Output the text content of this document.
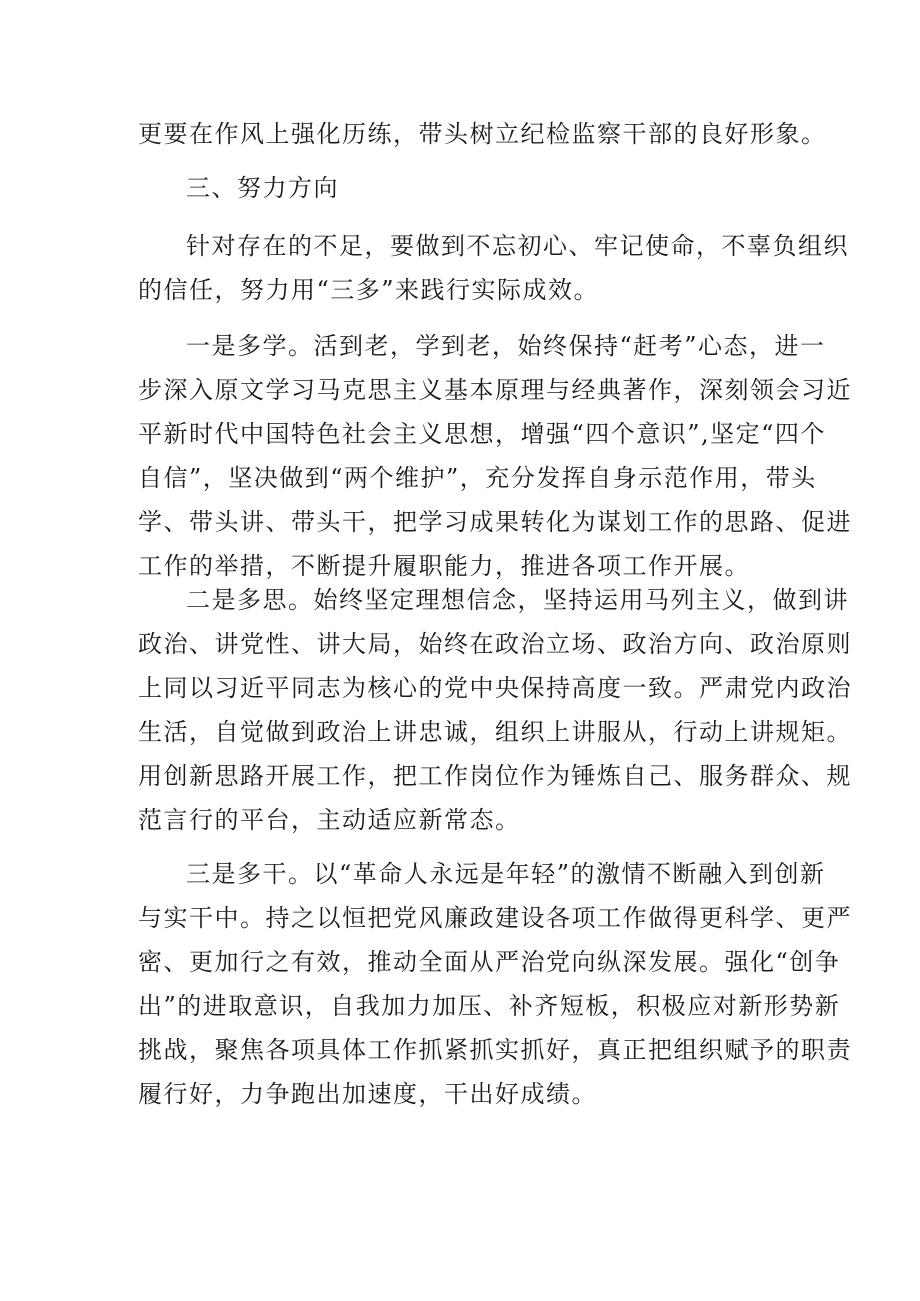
更要在作风上强化历练，带头树立纪检监察干部的良好形象。
三、努力方向
针对存在的不足，要做到不忘初心、牢记使命，不辜负组织
的信任，努力用“三多”来践行实际成效。
一是多学。活到老，学到老，始终保持“赶考”心态，进一
步深入原文学习马克思主义基本原理与经典著作，深刻领会习近
平新时代中国特色社会主义思想，增强“四个意识”,坚定“四个
自信”，坚决做到“两个维护”，充分发挥自身示范作用，带头
学、带头讲、带头干，把学习成果转化为谋划工作的思路、促进
工作的举措，不断提升履职能力，推进各项工作开展。
二是多思。始终坚定理想信念，坚持运用马列主义，做到讲
政治、讲党性、讲大局，始终在政治立场、政治方向、政治原则
上同以习近平同志为核心的党中央保持高度一致。严肃党内政治
生活，自觉做到政治上讲忠诚，组织上讲服从，行动上讲规矩。
用创新思路开展工作，把工作岗位作为锤炼自己、服务群众、规
范言行的平台，主动适应新常态。
三是多干。以“革命人永远是年轻”的激情不断融入到创新
与实干中。持之以恒把党风廉政建设各项工作做得更科学、更严
密、更加行之有效，推动全面从严治党向纵深发展。强化“创争
出”的进取意识，自我加力加压、补齐短板，积极应对新形势新
挑战，聚焦各项具体工作抓紧抓实抓好，真正把组织赋予的职责
履行好，力争跑出加速度，干出好成绩。
